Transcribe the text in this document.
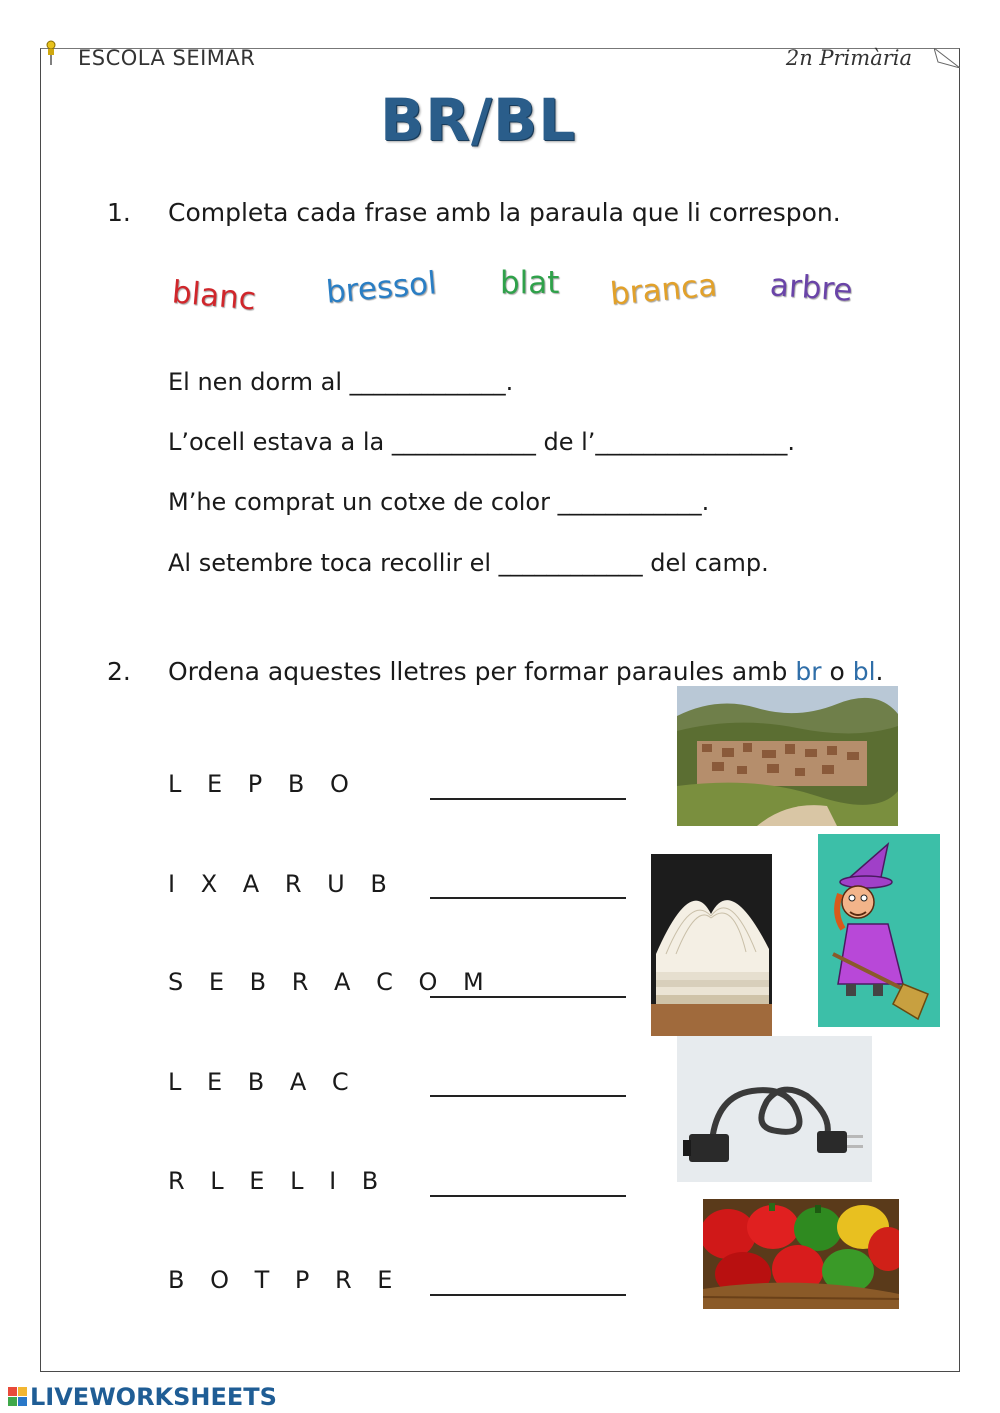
ESCOLA SEIMAR	2n Primària
BR/BL
1. Completa cada frase amb la paraula que li correspon.
blanc bressol blat branca arbre
El nen dorm al _____________.
L’ocell estava a la ____________ de l’________________.
M’he comprat un cotxe de color ____________.
Al setembre toca recollir el ____________ del camp.
2. Ordena aquestes lletres per formar paraules amb br o bl.
L E P B O
I X A R U B
S E B R A C O M
L E B A C
R L E L I B
B O T P R E
LIVEWORKSHEETS
